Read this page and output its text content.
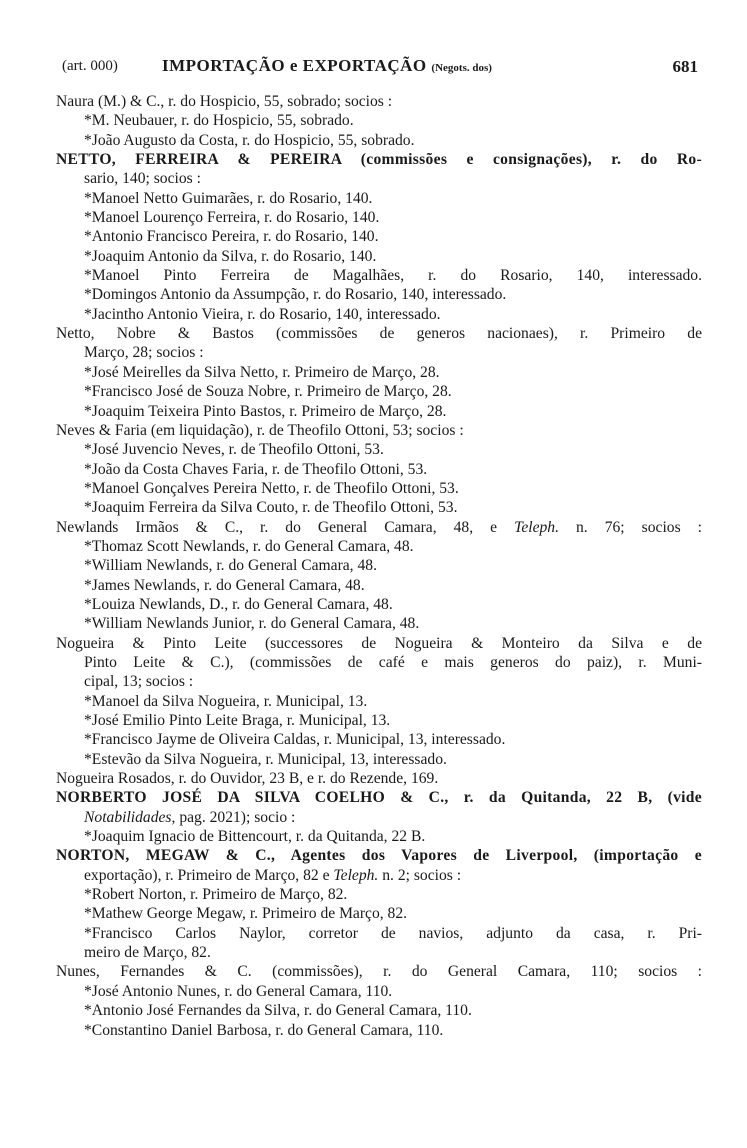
(art. 000)	IMPORTAÇÃO e EXPORTAÇÃO (Negots. dos)	681
Naura (M.) & C., r. do Hospicio, 55, sobrado; socios :
*M. Neubauer, r. do Hospicio, 55, sobrado.
*João Augusto da Costa, r. do Hospicio, 55, sobrado.
NETTO, FERREIRA & PEREIRA (commissões e consignações), r. do Ro-
sario, 140; socios :
*Manoel Netto Guimarães, r. do Rosario, 140.
*Manoel Lourenço Ferreira, r. do Rosario, 140.
*Antonio Francisco Pereira, r. do Rosario, 140.
*Joaquim Antonio da Silva, r. do Rosario, 140.
*Manoel Pinto Ferreira de Magalhães, r. do Rosario, 140, interessado.
*Domingos Antonio da Assumpção, r. do Rosario, 140, interessado.
*Jacintho Antonio Vieira, r. do Rosario, 140, interessado.
Netto, Nobre & Bastos (commissões de generos nacionaes), r. Primeiro de
Março, 28; socios :
*José Meirelles da Silva Netto, r. Primeiro de Março, 28.
*Francisco José de Souza Nobre, r. Primeiro de Março, 28.
*Joaquim Teixeira Pinto Bastos, r. Primeiro de Março, 28.
Neves & Faria (em liquidação), r. de Theofilo Ottoni, 53; socios :
*José Juvencio Neves, r. de Theofilo Ottoni, 53.
*João da Costa Chaves Faria, r. de Theofilo Ottoni, 53.
*Manoel Gonçalves Pereira Netto, r. de Theofilo Ottoni, 53.
*Joaquim Ferreira da Silva Couto, r. de Theofilo Ottoni, 53.
Newlands Irmãos & C., r. do General Camara, 48, e Teleph. n. 76; socios :
*Thomaz Scott Newlands, r. do General Camara, 48.
*William Newlands, r. do General Camara, 48.
*James Newlands, r. do General Camara, 48.
*Louiza Newlands, D., r. do General Camara, 48.
*William Newlands Junior, r. do General Camara, 48.
Nogueira & Pinto Leite (successores de Nogueira & Monteiro da Silva e de
Pinto Leite & C.), (commissões de café e mais generos do paiz), r. Muni-
cipal, 13; socios :
*Manoel da Silva Nogueira, r. Municipal, 13.
*José Emilio Pinto Leite Braga, r. Municipal, 13.
*Francisco Jayme de Oliveira Caldas, r. Municipal, 13, interessado.
*Estevão da Silva Nogueira, r. Municipal, 13, interessado.
Nogueira Rosados, r. do Ouvidor, 23 B, e r. do Rezende, 169.
NORBERTO JOSÉ DA SILVA COELHO & C., r. da Quitanda, 22 B, (vide
Notabilidades, pag. 2021); socio :
*Joaquim Ignacio de Bittencourt, r. da Quitanda, 22 B.
NORTON, MEGAW & C., Agentes dos Vapores de Liverpool, (importação e
exportação), r. Primeiro de Março, 82 e Teleph. n. 2; socios :
*Robert Norton, r. Primeiro de Março, 82.
*Mathew George Megaw, r. Primeiro de Março, 82.
*Francisco Carlos Naylor, corretor de navios, adjunto da casa, r. Pri-
meiro de Março, 82.
Nunes, Fernandes & C. (commissões), r. do General Camara, 110; socios :
*José Antonio Nunes, r. do General Camara, 110.
*Antonio José Fernandes da Silva, r. do General Camara, 110.
*Constantino Daniel Barbosa, r. do General Camara, 110.
